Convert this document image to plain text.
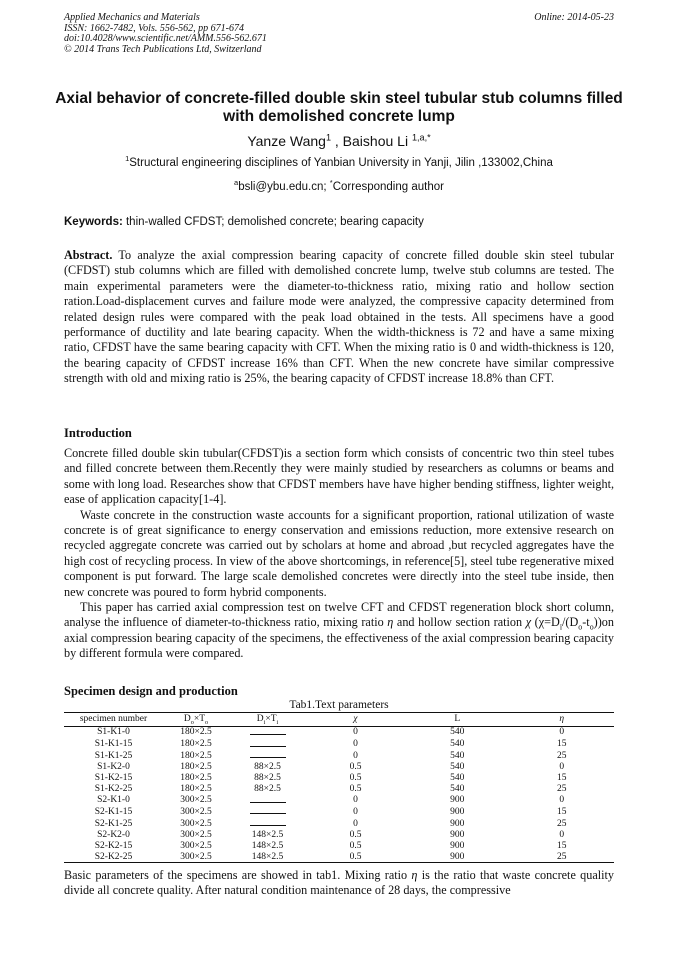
Applied Mechanics and Materials
ISSN: 1662-7482, Vols. 556-562, pp 671-674
doi:10.4028/www.scientific.net/AMM.556-562.671
© 2014 Trans Tech Publications Ltd, Switzerland
Online: 2014-05-23
Axial behavior of concrete-filled double skin steel tubular stub columns filled with demolished concrete lump
Yanze Wang$^1$ , Baishou Li $^{1,a,*}$
$^1$Structural engineering disciplines of Yanbian University in Yanji, Jilin ,133002,China
$^a$bsli@ybu.edu.cn; *Corresponding author
Keywords: thin-walled CFDST; demolished concrete; bearing capacity

Abstract. To analyze the axial compression bearing capacity of concrete filled double skin steel tubular (CFDST) stub columns which are filled with demolished concrete lump, twelve stub columns are tested. The main experimental parameters were the diameter-to-thickness ratio, mixing ratio and hollow section ration.Load-displacement curves and failure mode were analyzed, the compressive capacity determined from related design rules were compared with the peak load obtained in the tests. All specimens have a good performance of ductility and late bearing capacity. When the width-thickness is 72 and have a same mixing ratio, CFDST have the same bearing capacity with CFT. When the mixing ratio is 0 and width-thickness is 120, the bearing capacity of CFDST increase 16% than CFT. When the new concrete have similar compressive strength with old and mixing ratio is 25%, the bearing capacity of CFDST increase 18.8% than CFT.

Introduction

Concrete filled double skin tubular(CFDST)is a section form which consists of concentric two thin steel tubes and filled concrete between them.Recently they were mainly studied by researchers as columns or beams and some with long load. Researches show that CFDST members have have higher bending stiffness, lighter weight, ease of application capacity[1-4].

Waste concrete in the construction waste accounts for a significant proportion, rational utilization of waste concrete is of great significance to energy conservation and emissions reduction, more extensive research on recycled aggregate concrete was carried out by scholars at home and abroad ,but recycled aggregates have the high cost of recycling process. In view of the above shortcomings, in reference[5], steel tube regenerative mixed component is put forward. The large scale demolished concretes were directly into the steel tube inside, then new concrete was poured to form hybrid components.

This paper has carried axial compression test on twelve CFT and CFDST regeneration block short column, analyse the influence of diameter-to-thickness ratio, mixing ratio η and hollow section ration χ $(\chi=D_i/(D_o-t_o))on$ axial compression bearing capacity of the specimens, the effectiveness of the axial compression bearing capacity by different formula were compared.

Specimen design and production
Tab1.Text parameters
specimen number	$D_o\times T_o$	$D_i\times T_i$	χ	L	η
S1-K1-0	180×2.5		0	540	0
S1-K1-15	180×2.5		0	540	15
S1-K1-25	180×2.5		0	540	25
S1-K2-0	180×2.5	88×2.5	0.5	540	0
S1-K2-15	180×2.5	88×2.5	0.5	540	15
S1-K2-25	180×2.5	88×2.5	0.5	540	25
S2-K1-0	300×2.5		0	900	0
S2-K1-15	300×2.5		0	900	15
S2-K1-25	300×2.5		0	900	25
S2-K2-0	300×2.5	148×2.5	0.5	900	0
S2-K2-15	300×2.5	148×2.5	0.5	900	15
S2-K2-25	300×2.5	148×2.5	0.5	900	25

Basic parameters of the specimens are showed in tab1. Mixing ratio η is the ratio that waste concrete quality divide all concrete quality. After natural condition maintenance of 28 days, the compressive
